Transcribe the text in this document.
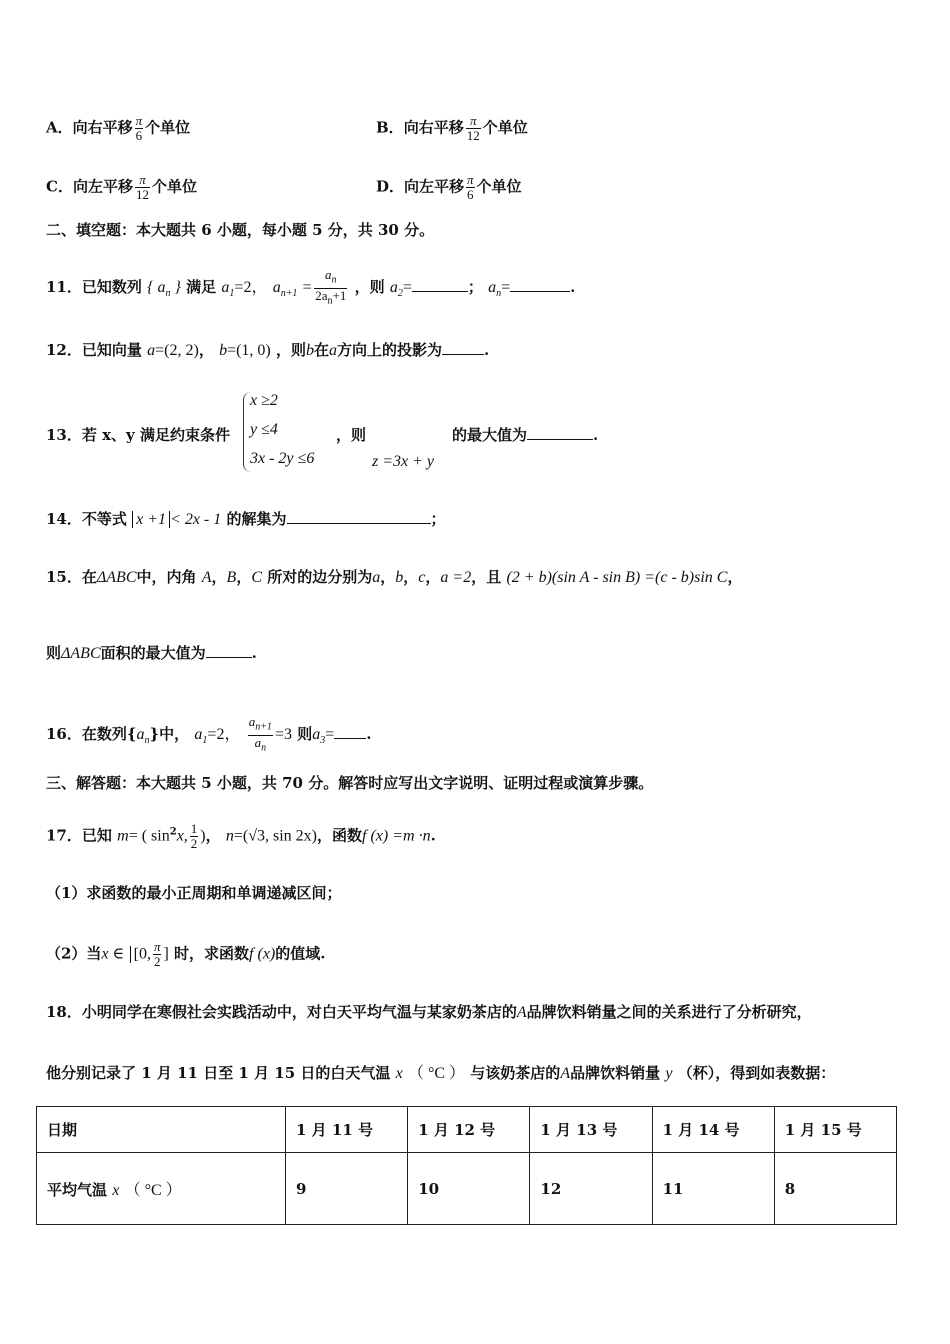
A．向右平移 $\frac{\pi}{6}$ 个单位	B．向右平移 $\frac{\pi}{12}$ 个单位
C．向左平移 $\frac{\pi}{12}$ 个单位	D．向左平移 $\frac{\pi}{6}$ 个单位
二、填空题：本大题共 6 小题，每小题 5 分，共 30 分。
11．已知数列 { $a_n$ } 满足 $a_1=2$， $a_{n+1} = \frac{a_n}{2a_n+1}$ ，则 $a_2=$	； $a_n=$	.
12．已知向量 a=(2, 2)， b=(1, 0) ，则b在a方向上的投影为	.
x ≥2
y ≤4
3x - 2y ≤6
13．若 x、y 满足约束条件	，则
z =3x + y
的最大值为	.
14．不等式 x +1 < 2x - 1 的解集为	；
15．在ΔABC中，内角 A，B，C 所对的边分别为a，b，c，a =2，且 (2 + b)(sin A - sin B) =(c - b)sin C，
则ΔABC面积的最大值为	.
16．在数列$\{a_n\}$中， $a_1=2$， $\frac{a_{n+1}}{a_n} =3$ 则$a_3=$ .
三、解答题：本大题共 5 小题，共 70 分。解答时应写出文字说明、证明过程或演算步骤。
17．已知 m= ( $\sin^2x$, $\frac{1}{2}$ )， n=(√3, sin 2x)，函数f (x) =m ·n.
（1）求函数的最小正周期和单调递减区间；
（2）当x ∈ [0, $\frac{\pi}{2}$ ] 时，求函数f (x)的值域.
18．小明同学在寒假社会实践活动中，对白天平均气温与某家奶茶店的A品牌饮料销量之间的关系进行了分析研究，
他分别记录了 1 月 11 日至 1 月 15 日的白天气温 x （ °C ） 与该奶茶店的A品牌饮料销量 y （杯），得到如表数据：
日期	1 月 11 号	1 月 12 号	1 月 13 号	1 月 14 号	1 月 15 号
平均气温 x （ °C ）	9	10	12	11	8
